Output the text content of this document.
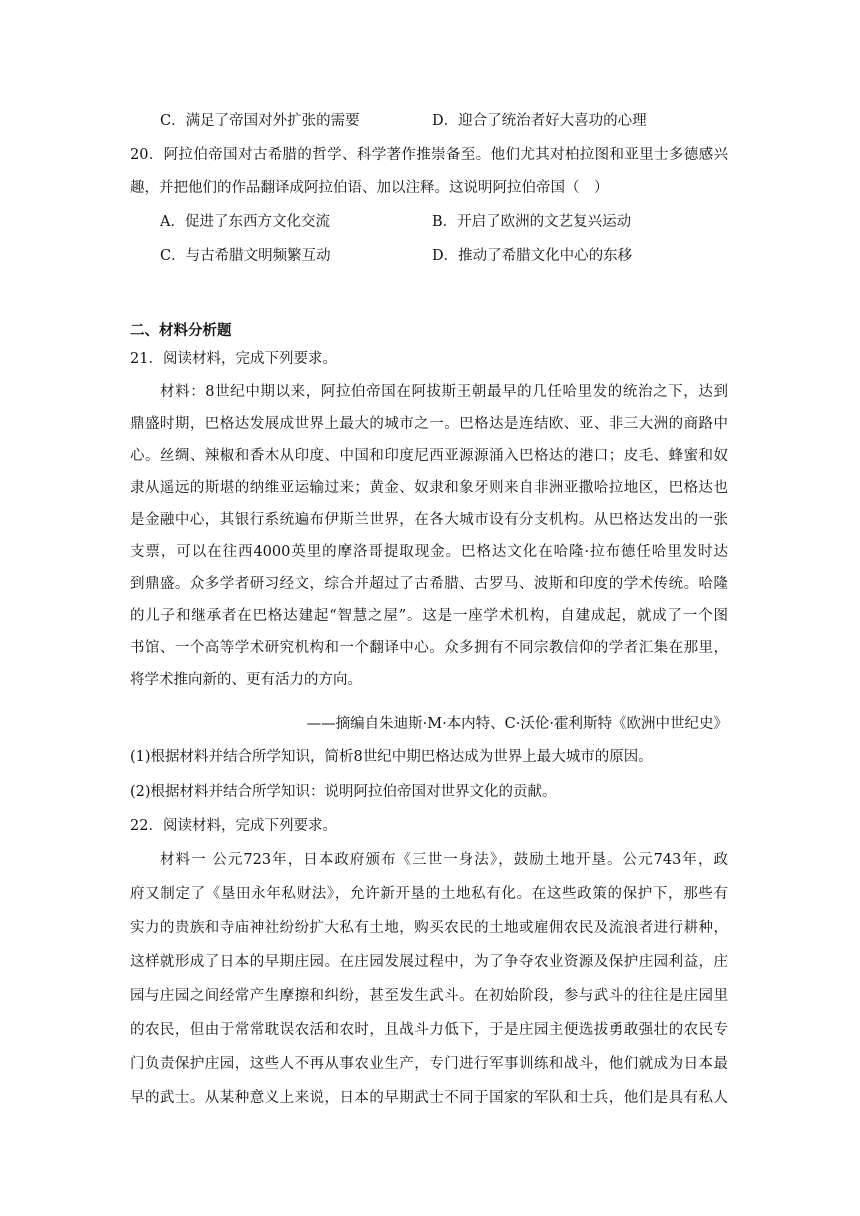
C．满足了帝国对外扩张的需要	D．迎合了统治者好大喜功的心理
20．阿拉伯帝国对古希腊的哲学、科学著作推崇备至。他们尤其对柏拉图和亚里士多德感兴
趣，并把他们的作品翻译成阿拉伯语、加以注释。这说明阿拉伯帝国（　）
A．促进了东西方文化交流	B．开启了欧洲的文艺复兴运动
C．与古希腊文明频繁互动	D．推动了希腊文化中心的东移
二、材料分析题
21．阅读材料，完成下列要求。
材料：8世纪中期以来，阿拉伯帝国在阿拔斯王朝最早的几任哈里发的统治之下，达到
鼎盛时期，巴格达发展成世界上最大的城市之一。巴格达是连结欧、亚、非三大洲的商路中
心。丝绸、辣椒和香木从印度、中国和印度尼西亚源源涌入巴格达的港口；皮毛、蜂蜜和奴
隶从遥远的斯堪的纳维亚运输过来；黄金、奴隶和象牙则来自非洲亚撒哈拉地区，巴格达也
是金融中心，其银行系统遍布伊斯兰世界，在各大城市设有分支机构。从巴格达发出的一张
支票，可以在往西4000英里的摩洛哥提取现金。巴格达文化在哈隆·拉布德任哈里发时达
到鼎盛。众多学者研习经文，综合并超过了古希腊、古罗马、波斯和印度的学术传统。哈隆
的儿子和继承者在巴格达建起“智慧之屋”。这是一座学术机构，自建成起，就成了一个图
书馆、一个高等学术研究机构和一个翻译中心。众多拥有不同宗教信仰的学者汇集在那里，
将学术推向新的、更有活力的方向。
——摘编自朱迪斯·M·本内特、C·沃伦·霍利斯特《欧洲中世纪史》
(1)根据材料并结合所学知识，简析8世纪中期巴格达成为世界上最大城市的原因。
(2)根据材料并结合所学知识：说明阿拉伯帝国对世界文化的贡献。
22．阅读材料，完成下列要求。
材料一 公元723年，日本政府颁布《三世一身法》，鼓励土地开垦。公元743年，政
府又制定了《垦田永年私财法》，允许新开垦的土地私有化。在这些政策的保护下，那些有
实力的贵族和寺庙神社纷纷扩大私有土地，购买农民的土地或雇佣农民及流浪者进行耕种，
这样就形成了日本的早期庄园。在庄园发展过程中，为了争夺农业资源及保护庄园利益，庄
园与庄园之间经常产生摩擦和纠纷，甚至发生武斗。在初始阶段，参与武斗的往往是庄园里
的农民，但由于常常耽误农活和农时，且战斗力低下，于是庄园主便选拔勇敢强壮的农民专
门负责保护庄园，这些人不再从事农业生产，专门进行军事训练和战斗，他们就成为日本最
早的武士。从某种意义上来说，日本的早期武士不同于国家的军队和士兵，他们是具有私人
